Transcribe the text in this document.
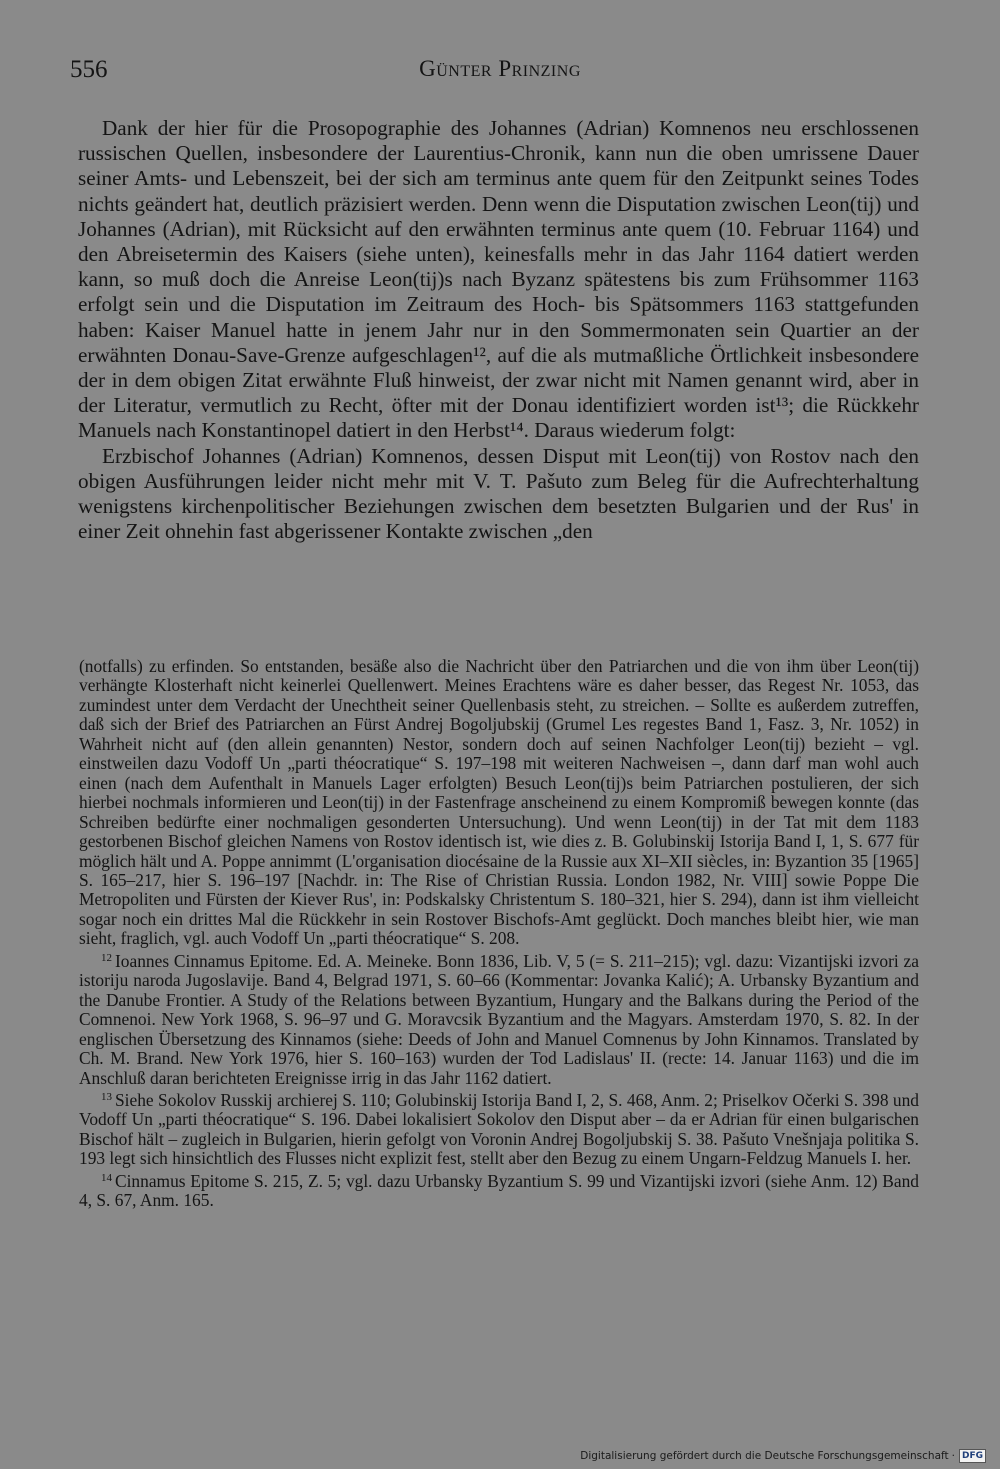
556	Günter Prinzing

Dank der hier für die Prosopographie des Johannes (Adrian) Komnenos neu erschlossenen russischen Quellen, insbesondere der Laurentius-Chronik, kann nun die oben umrissene Dauer seiner Amts- und Lebenszeit, bei der sich am terminus ante quem für den Zeitpunkt seines Todes nichts geändert hat, deutlich präzisiert werden. Denn wenn die Disputation zwischen Leon(tij) und Johannes (Adrian), mit Rücksicht auf den erwähnten terminus ante quem (10. Februar 1164) und den Abreisetermin des Kaisers (siehe unten), keinesfalls mehr in das Jahr 1164 datiert werden kann, so muß doch die Anreise Leon(tij)s nach Byzanz spätestens bis zum Frühsommer 1163 erfolgt sein und die Disputation im Zeitraum des Hoch- bis Spätsommers 1163 stattgefunden haben: Kaiser Manuel hatte in jenem Jahr nur in den Sommermonaten sein Quartier an der erwähnten Donau-Save-Grenze aufgeschlagen¹², auf die als mutmaßliche Örtlichkeit insbesondere der in dem obigen Zitat erwähnte Fluß hinweist, der zwar nicht mit Namen genannt wird, aber in der Literatur, vermutlich zu Recht, öfter mit der Donau identifiziert worden ist¹³; die Rückkehr Manuels nach Konstantinopel datiert in den Herbst¹⁴. Daraus wiederum folgt:

Erzbischof Johannes (Adrian) Komnenos, dessen Disput mit Leon(tij) von Rostov nach den obigen Ausführungen leider nicht mehr mit V. T. Pašuto zum Beleg für die Aufrechterhaltung wenigstens kirchenpolitischer Beziehungen zwischen dem besetzten Bulgarien und der Rus' in einer Zeit ohnehin fast abgerissener Kontakte zwischen „den

(notfalls) zu erfinden. So entstanden, besäße also die Nachricht über den Patriarchen und die von ihm über Leon(tij) verhängte Klosterhaft nicht keinerlei Quellenwert. Meines Erachtens wäre es daher besser, das Regest Nr. 1053, das zumindest unter dem Verdacht der Unechtheit seiner Quellenbasis steht, zu streichen. – Sollte es außerdem zutreffen, daß sich der Brief des Patriarchen an Fürst Andrej Bogoljubskij (Grumel Les regestes Band 1, Fasz. 3, Nr. 1052) in Wahrheit nicht auf (den allein genannten) Nestor, sondern doch auf seinen Nachfolger Leon(tij) bezieht – vgl. einstweilen dazu Vodoff Un „parti théocratique“ S. 197–198 mit weiteren Nachweisen –, dann darf man wohl auch einen (nach dem Aufenthalt in Manuels Lager erfolgten) Besuch Leon(tij)s beim Patriarchen postulieren, der sich hierbei nochmals informieren und Leon(tij) in der Fastenfrage anscheinend zu einem Kompromiß bewegen konnte (das Schreiben bedürfte einer nochmaligen gesonderten Untersuchung). Und wenn Leon(tij) in der Tat mit dem 1183 gestorbenen Bischof gleichen Namens von Rostov identisch ist, wie dies z. B. Golubinskij Istorija Band I, 1, S. 677 für möglich hält und A. Poppe annimmt (L'organisation diocésaine de la Russie aux XI–XII siècles, in: Byzantion 35 [1965] S. 165–217, hier S. 196–197 [Nachdr. in: The Rise of Christian Russia. London 1982, Nr. VIII] sowie Poppe Die Metropoliten und Fürsten der Kiever Rus', in: Podskalsky Christentum S. 180–321, hier S. 294), dann ist ihm vielleicht sogar noch ein drittes Mal die Rückkehr in sein Rostover Bischofs-Amt geglückt. Doch manches bleibt hier, wie man sieht, fraglich, vgl. auch Vodoff Un „parti théocratique“ S. 208.

$^{12}$ Ioannes Cinnamus Epitome. Ed. A. Meineke. Bonn 1836, Lib. V, 5 (= S. 211–215); vgl. dazu: Vizantijski izvori za istoriju naroda Jugoslavije. Band 4, Belgrad 1971, S. 60–66 (Kommentar: Jovanka Kalić); A. Urbansky Byzantium and the Danube Frontier. A Study of the Relations between Byzantium, Hungary and the Balkans during the Period of the Comnenoi. New York 1968, S. 96–97 und G. Moravcsik Byzantium and the Magyars. Amsterdam 1970, S. 82. In der englischen Übersetzung des Kinnamos (siehe: Deeds of John and Manuel Comnenus by John Kinnamos. Translated by Ch. M. Brand. New York 1976, hier S. 160–163) wurden der Tod Ladislaus' II. (recte: 14. Januar 1163) und die im Anschluß daran berichteten Ereignisse irrig in das Jahr 1162 datiert.

$^{13}$ Siehe Sokolov Russkij archierej S. 110; Golubinskij Istorija Band I, 2, S. 468, Anm. 2; Priselkov Očerki S. 398 und Vodoff Un „parti théocratique“ S. 196. Dabei lokalisiert Sokolov den Disput aber – da er Adrian für einen bulgarischen Bischof hält – zugleich in Bulgarien, hierin gefolgt von Voronin Andrej Bogoljubskij S. 38. Pašuto Vnešnjaja politika S. 193 legt sich hinsichtlich des Flusses nicht explizit fest, stellt aber den Bezug zu einem Ungarn-Feldzug Manuels I. her.

$^{14}$ Cinnamus Epitome S. 215, Z. 5; vgl. dazu Urbansky Byzantium S. 99 und Vizantijski izvori (siehe Anm. 12) Band 4, S. 67, Anm. 165.

Digitalisierung gefördert durch die Deutsche Forschungsgemeinschaft · DFG
